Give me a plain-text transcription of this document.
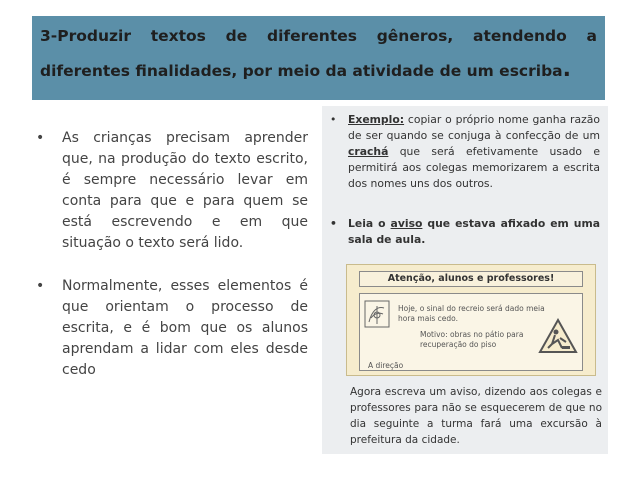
3-Produzir textos de diferentes gêneros, atendendo a
diferentes finalidades, por meio da atividade de um escriba.
•	As crianças precisam aprender que, na produção do texto escrito, é sempre necessário levar em conta para que e para quem se está escrevendo e em que situação o texto será lido.
•	Normalmente, esses elementos é que orientam o processo de escrita, e é bom que os alunos aprendam a lidar com eles desde cedo
•	Exemplo: copiar o próprio nome ganha razão de ser quando se conjuga à confecção de um crachá que será efetivamente usado e permitirá aos colegas memorizarem a escrita dos nomes uns dos outros.
•	Leia o aviso que estava afixado em uma sala de aula.
Atenção, alunos e professores!
Hoje, o sinal do recreio será dado meia hora mais cedo.
Motivo: obras no pátio para recuperação do piso
A direção
Agora escreva um aviso, dizendo aos colegas e professores para não se esquecerem de que no dia seguinte a turma fará uma excursão à prefeitura da cidade.
